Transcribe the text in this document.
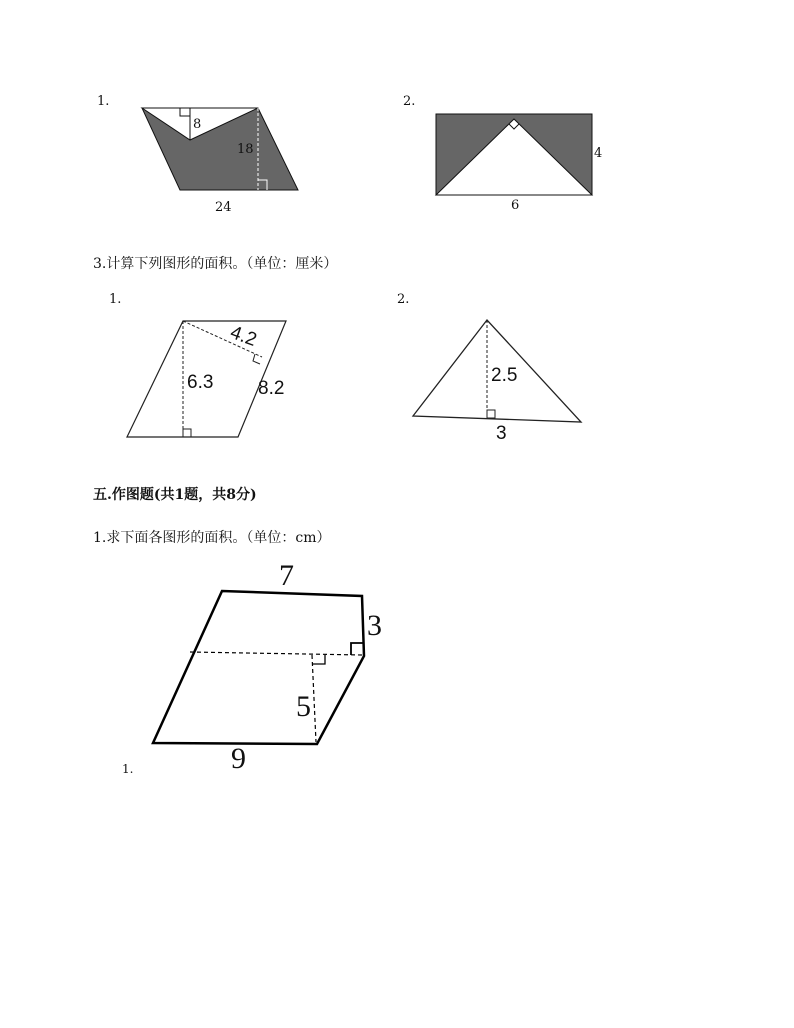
1.
8
18
24
2.
4
6
3.计算下列图形的面积。（单位：厘米）
1.
4.2
6.3 8.2
2.
2.5
3
五.作图题(共1题，共8分)
1.求下面各图形的面积。（单位：cm）
7
3
5
9
1.
